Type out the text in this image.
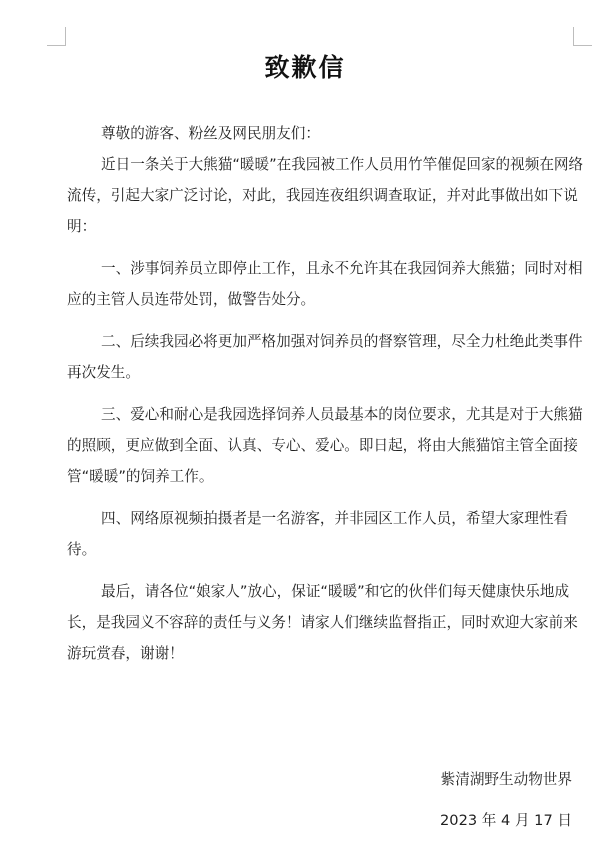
致歉信

尊敬的游客、粉丝及网民朋友们：

近日一条关于大熊猫“暖暖”在我园被工作人员用竹竿催促回家的视频在网络流传，引起大家广泛讨论，对此，我园连夜组织调查取证，并对此事做出如下说明：

一、涉事饲养员立即停止工作，且永不允许其在我园饲养大熊猫；同时对相应的主管人员连带处罚，做警告处分。

二、后续我园必将更加严格加强对饲养员的督察管理，尽全力杜绝此类事件再次发生。

三、爱心和耐心是我园选择饲养人员最基本的岗位要求，尤其是对于大熊猫的照顾，更应做到全面、认真、专心、爱心。即日起，将由大熊猫馆主管全面接管“暖暖”的饲养工作。

四、网络原视频拍摄者是一名游客，并非园区工作人员，希望大家理性看待。

最后，请各位“娘家人”放心，保证“暖暖”和它的伙伴们每天健康快乐地成长，是我园义不容辞的责任与义务！请家人们继续监督指正，同时欢迎大家前来游玩赏春，谢谢！

紫清湖野生动物世界
2023 年 4 月 17 日
